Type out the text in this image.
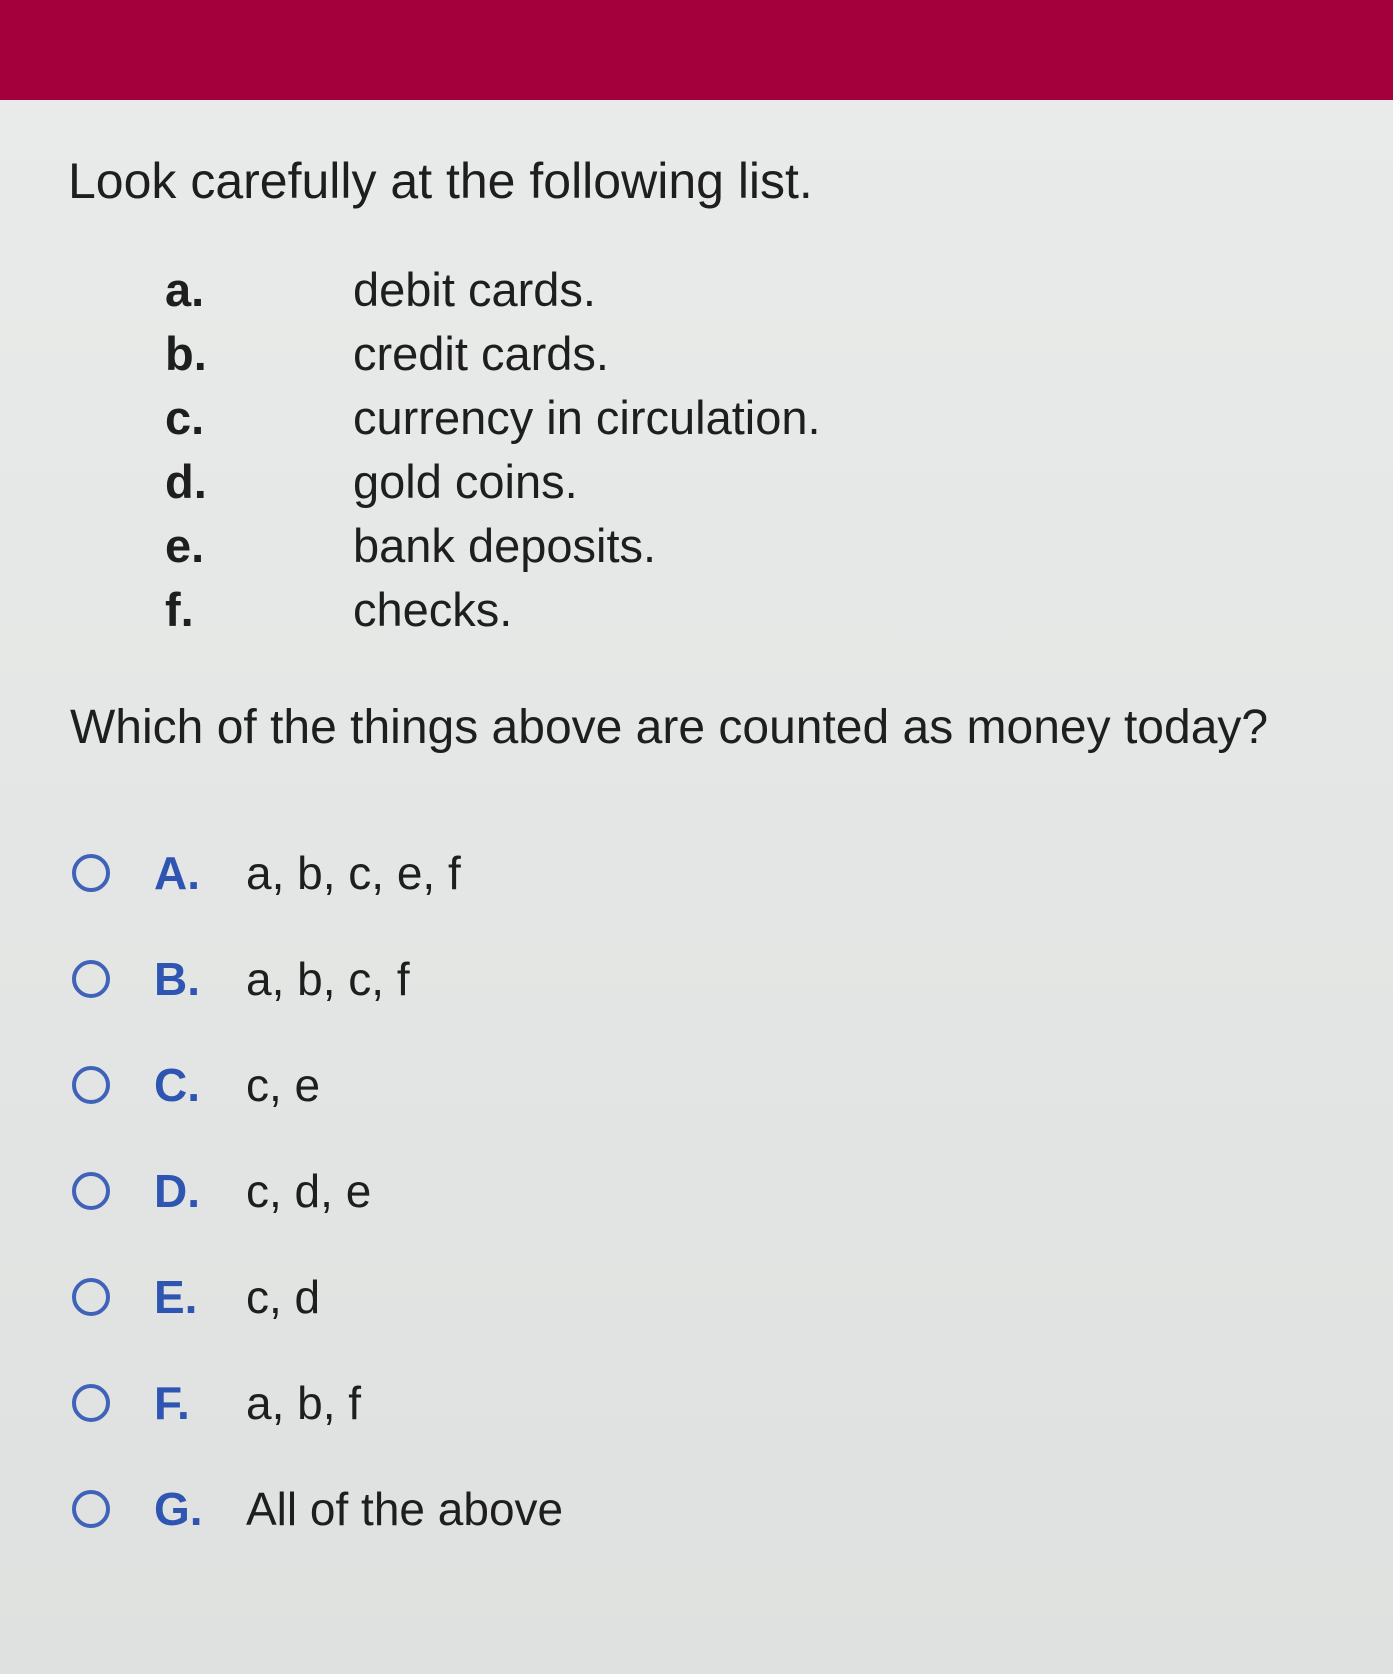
Look carefully at the following list.
a.	debit cards.
b.	credit cards.
c.	currency in circulation.
d.	gold coins.
e.	bank deposits.
f.	checks.
Which of the things above are counted as money today?
A. a, b, c, e, f
B. a, b, c, f
C. c, e
D. c, d, e
E. c, d
F. a, b, f
G. All of the above
